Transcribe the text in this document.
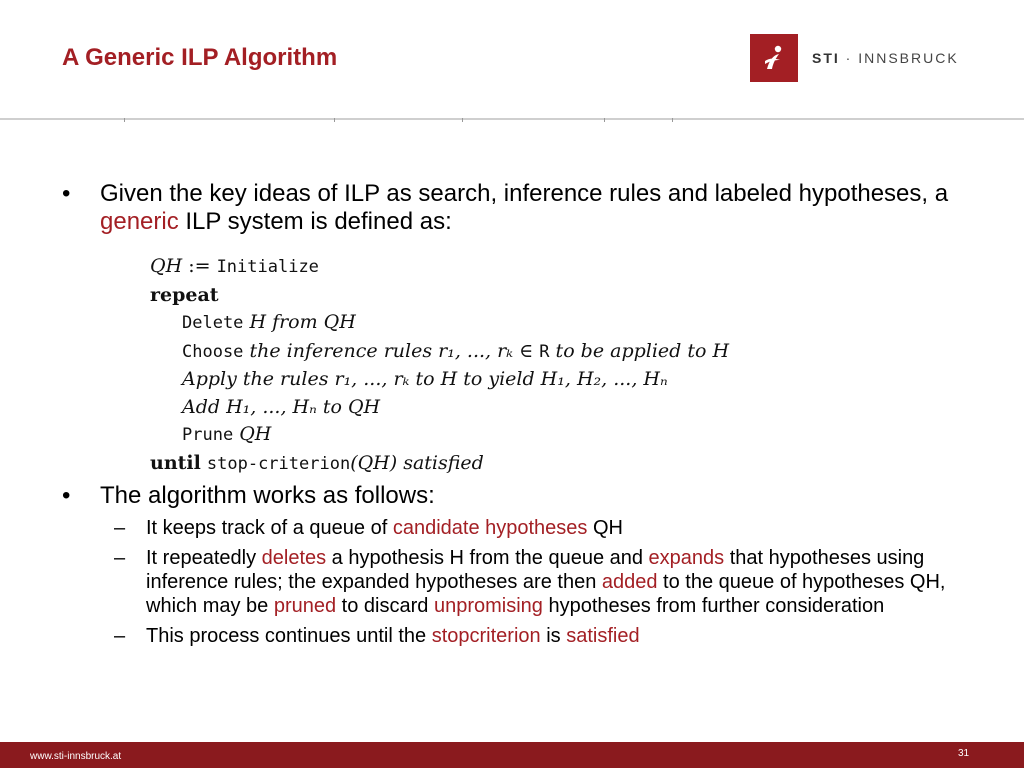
A Generic ILP Algorithm	STI · INNSBRUCK
• Given the key ideas of ILP as search, inference rules and labeled hypotheses, a generic ILP system is defined as:
• The algorithm works as follows:
– It keeps track of a queue of candidate hypotheses QH
– It repeatedly deletes a hypothesis H from the queue and expands that hypotheses using inference rules; the expanded hypotheses are then added to the queue of hypotheses QH, which may be pruned to discard unpromising hypotheses from further consideration
– This process continues until the stopcriterion is satisfied
QH := Initialize
repeat
Delete H from QH
Choose the inference rules r₁, ..., rₖ ∈ R to be applied to H
Apply the rules r₁, ..., rₖ to H to yield H₁, H₂, ..., Hₙ
Add H₁, ..., Hₙ to QH
Prune QH
until stop-criterion(QH) satisfied
www.sti-innsbruck.at	31
